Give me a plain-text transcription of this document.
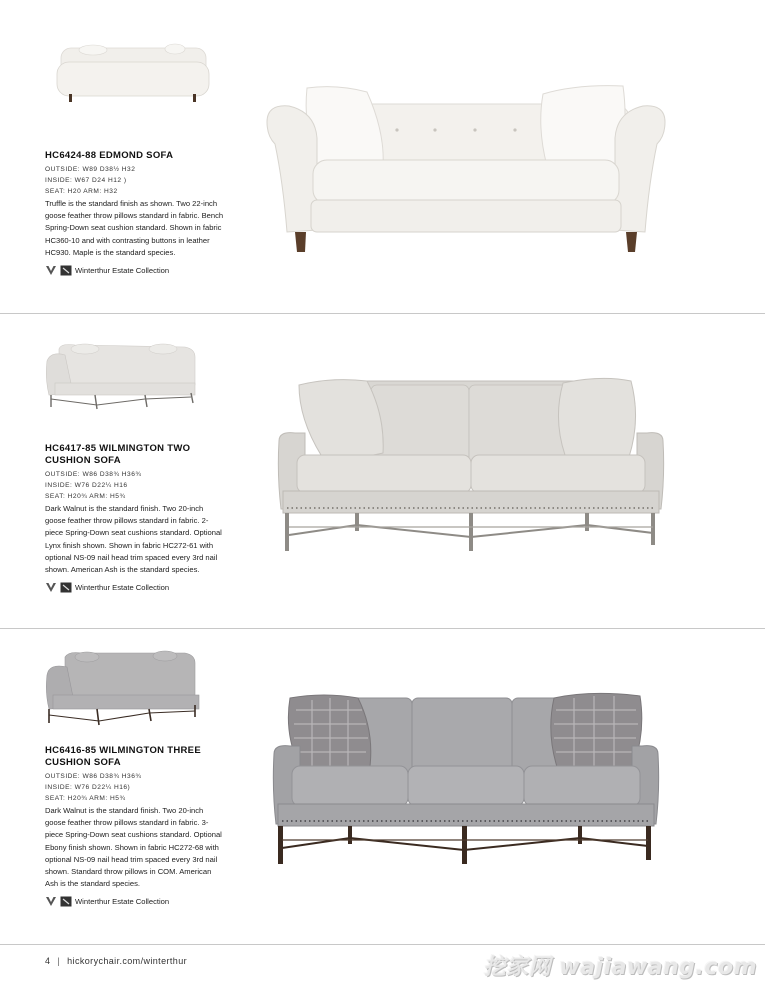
HC6424-88 EDMOND SOFA
OUTSIDE: W89 D38½ H32
INSIDE: W67 D24 H12 )
SEAT: H20 ARM: H32
Truffle is the standard finish as shown. Two 22-inch goose feather throw pillows standard in fabric. Bench Spring-Down seat cushion standard. Shown in fabric HC360-10 and with contrasting buttons in leather HC930. Maple is the standard species.
Winterthur Estate Collection
HC6417-85 WILMINGTON TWO CUSHION SOFA
OUTSIDE: W86 D38¾ H36¾
INSIDE: W76 D22¼ H16
SEAT: H20¾ ARM: H5¾
Dark Walnut is the standard finish. Two 20-inch goose feather throw pillows standard in fabric. 2-piece Spring-Down seat cushions standard. Optional Lynx finish shown. Shown in fabric HC272-61 with optional NS-09 nail head trim spaced every 3rd nail shown. American Ash is the standard species.
Winterthur Estate Collection
HC6416-85 WILMINGTON THREE CUSHION SOFA
OUTSIDE: W86 D38¾ H36¾
INSIDE: W76 D22¼ H16)
SEAT: H20¾ ARM: H5¾
Dark Walnut is the standard finish. Two 20-inch goose feather throw pillows standard in fabric. 3-piece Spring-Down seat cushions standard. Optional Ebony finish shown. Shown in fabric HC272-68 with optional NS-09 nail head trim spaced every 3rd nail shown. Standard throw pillows in COM. American Ash is the standard species.
Winterthur Estate Collection
4 | hickorychair.com/winterthur	挖家网 wajiawang.com
